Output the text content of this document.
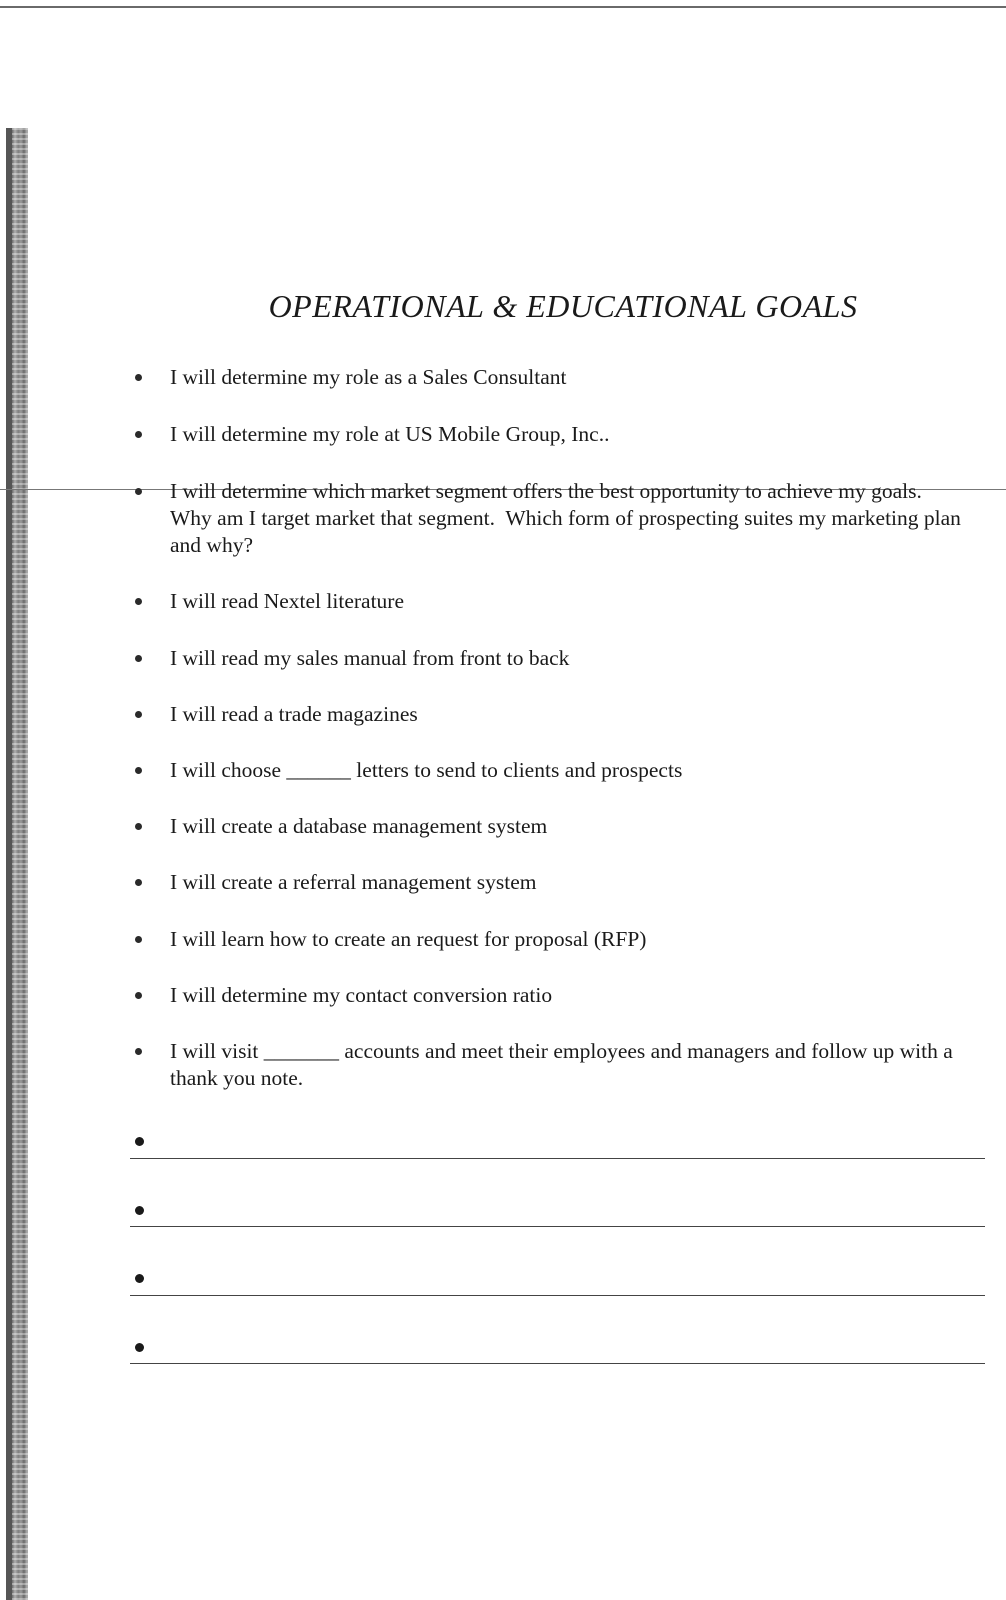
OPERATIONAL & EDUCATIONAL GOALS
I will determine my role as a Sales Consultant
I will determine my role at US Mobile Group, Inc..
I will determine which market segment offers the best opportunity to achieve my goals.  Why am I target market that segment.  Which form of prospecting suites my marketing plan and why?
I will read Nextel literature
I will read my sales manual from front to back
I will read a trade magazines
I will choose ______ letters to send to clients and prospects
I will create a database management system
I will create a referral management system
I will learn how to create an request for proposal (RFP)
I will determine my contact conversion ratio
I will visit _______ accounts and meet their employees and managers and follow up with a thank you note.
